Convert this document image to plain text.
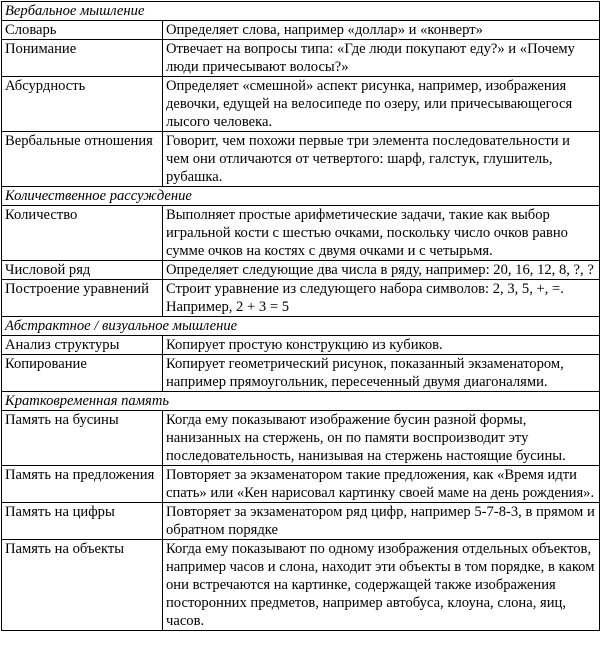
Вербальное мышление	
Словарь	Определяет слова, например «доллар» и «конверт»
Понимание	Отвечает на вопросы типа: «Где люди покупают еду?» и «Почему люди причесывают волосы?»
Абсурдность	Определяет «смешной» аспект рисунка, например, изображения девочки, едущей на велосипеде по озеру, или причесывающегося лысого человека.
Вербальные отношения	Говорит, чем похожи первые три элемента последовательности и чем они отличаются от четвертого: шарф, галстук, глушитель, рубашка.
Количественное рассуждение	
Количество	Выполняет простые арифметические задачи, такие как выбор игральной кости с шестью очками, поскольку число очков равно сумме очков на костях с двумя очками и с четырьмя.
Числовой ряд	Определяет следующие два числа в ряду, например: 20, 16, 12, 8, ?, ?
Построение уравнений	Строит уравнение из следующего набора символов: 2, 3, 5, +, =. Например, 2 + 3 = 5
Абстрактное / визуальное мышление	
Анализ структуры	Копирует простую конструкцию из кубиков.
Копирование	Копирует геометрический рисунок, показанный экзаменатором, например прямоугольник, пересеченный двумя диагоналями.
Кратковременная память	
Память на бусины	Когда ему показывают изображение бусин разной формы, нанизанных на стержень, он по памяти воспроизводит эту последовательность, нанизывая на стержень настоящие бусины.
Память на предложения	Повторяет за экзаменатором такие предложения, как «Время идти спать» или «Кен нарисовал картинку своей маме на день рождения».
Память на цифры	Повторяет за экзаменатором ряд цифр, например 5-7-8-3, в прямом и обратном порядке
Память на объекты	Когда ему показывают по одному изображения отдельных объектов, например часов и слона, находит эти объекты в том порядке, в каком они встречаются на картинке, содержащей также изображения посторонних предметов, например автобуса, клоуна, слона, яиц, часов.
